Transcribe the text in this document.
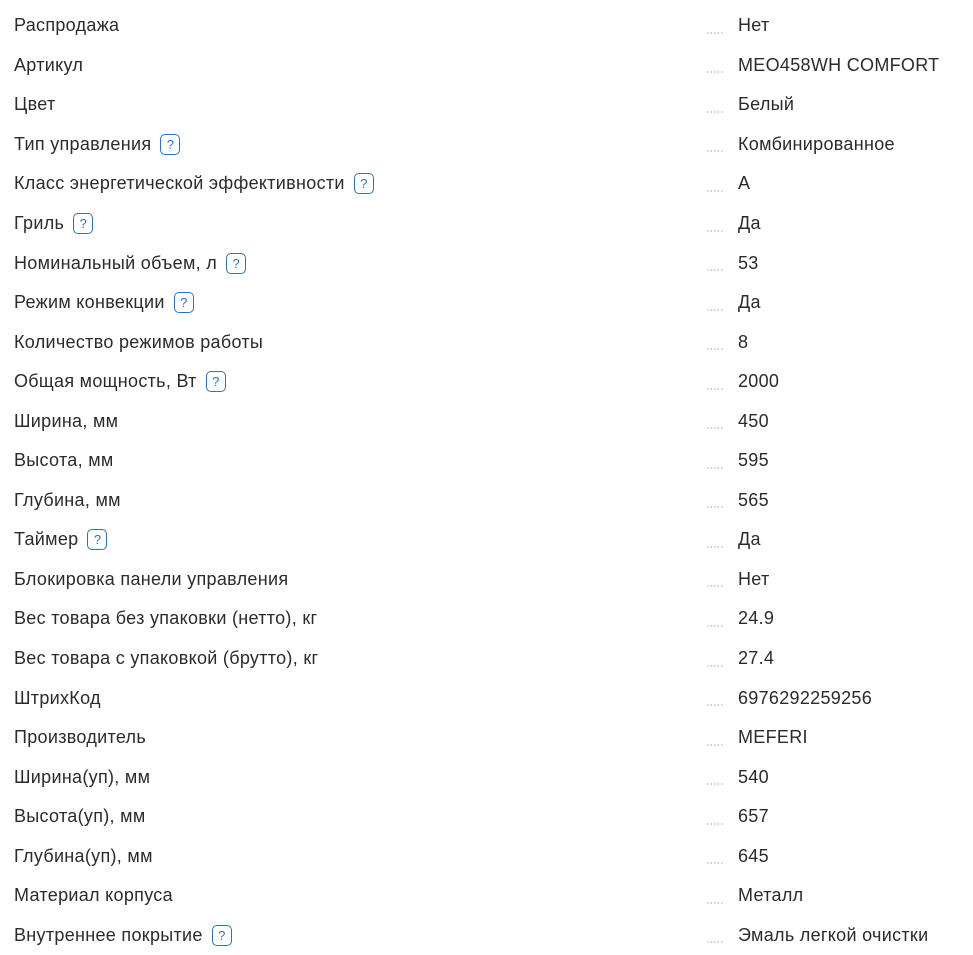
Распродажа	Нет
Артикул	MEO458WH COMFORT
Цвет	Белый
Тип управления ?	Комбинированное
Класс энергетической эффективности ?	А
Гриль ?	Да
Номинальный объем, л ?	53
Режим конвекции ?	Да
Количество режимов работы	8
Общая мощность, Вт ?	2000
Ширина, мм	450
Высота, мм	595
Глубина, мм	565
Таймер ?	Да
Блокировка панели управления	Нет
Вес товара без упаковки (нетто), кг	24.9
Вес товара с упаковкой (брутто), кг	27.4
ШтрихКод	6976292259256
Производитель	MEFERI
Ширина(уп), мм	540
Высота(уп), мм	657
Глубина(уп), мм	645
Материал корпуса	Металл
Внутреннее покрытие ?	Эмаль легкой очистки
